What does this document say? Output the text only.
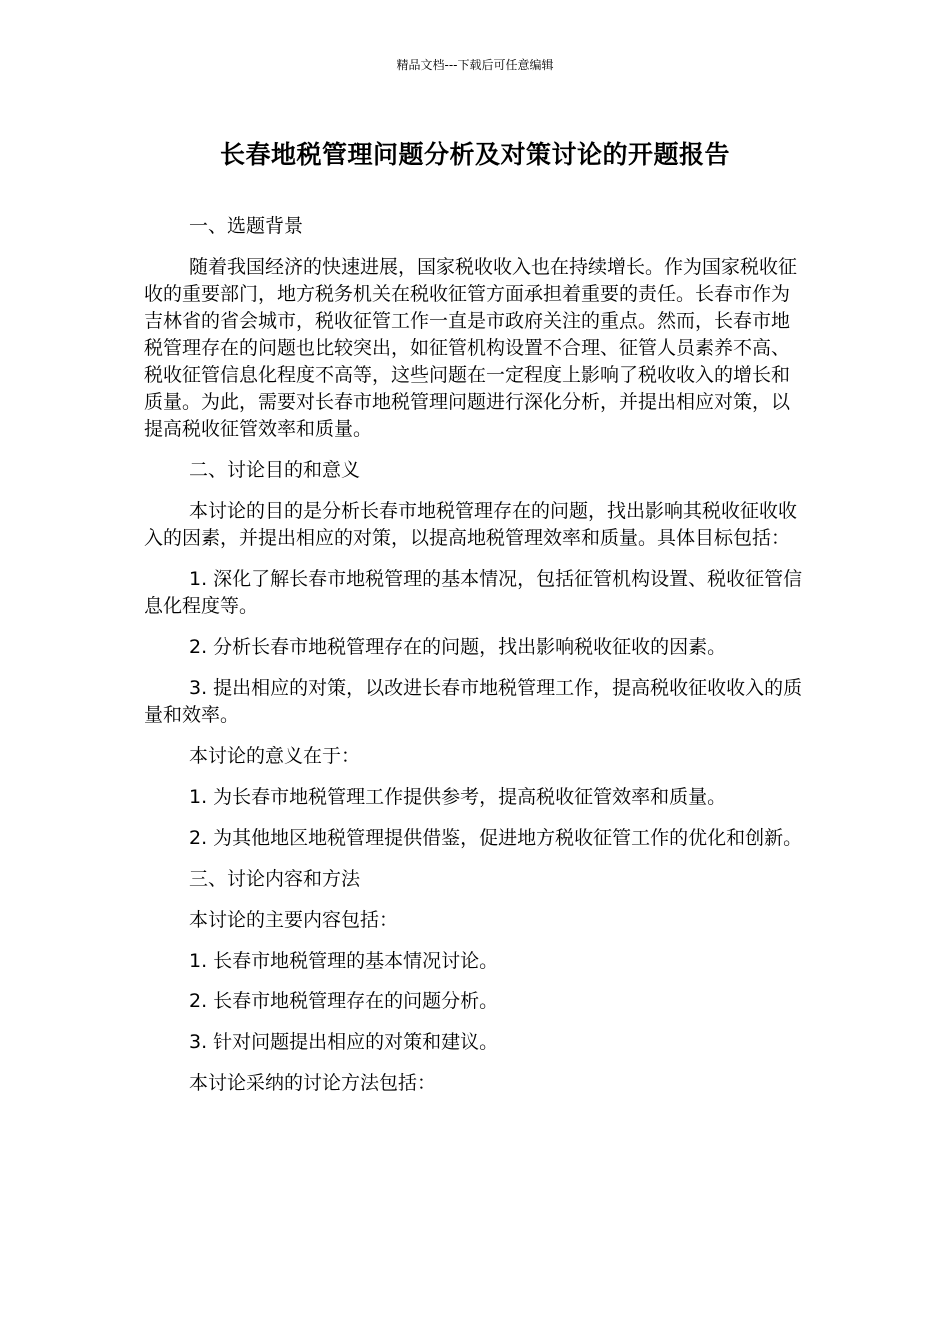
精品文档---下载后可任意编辑
长春地税管理问题分析及对策讨论的开题报告

一、选题背景

随着我国经济的快速进展，国家税收收入也在持续增长。作为国家税收征收的重要部门，地方税务机关在税收征管方面承担着重要的责任。长春市作为吉林省的省会城市，税收征管工作一直是市政府关注的重点。然而，长春市地税管理存在的问题也比较突出，如征管机构设置不合理、征管人员素养不高、税收征管信息化程度不高等，这些问题在一定程度上影响了税收收入的增长和质量。为此，需要对长春市地税管理问题进行深化分析，并提出相应对策，以提高税收征管效率和质量。

二、讨论目的和意义

本讨论的目的是分析长春市地税管理存在的问题，找出影响其税收征收收入的因素，并提出相应的对策，以提高地税管理效率和质量。具体目标包括：

1. 深化了解长春市地税管理的基本情况，包括征管机构设置、税收征管信息化程度等。

2. 分析长春市地税管理存在的问题，找出影响税收征收的因素。

3. 提出相应的对策，以改进长春市地税管理工作，提高税收征收收入的质量和效率。

本讨论的意义在于：

1. 为长春市地税管理工作提供参考，提高税收征管效率和质量。

2. 为其他地区地税管理提供借鉴，促进地方税收征管工作的优化和创新。

三、讨论内容和方法

本讨论的主要内容包括：

1. 长春市地税管理的基本情况讨论。

2. 长春市地税管理存在的问题分析。

3. 针对问题提出相应的对策和建议。

本讨论采纳的讨论方法包括：
